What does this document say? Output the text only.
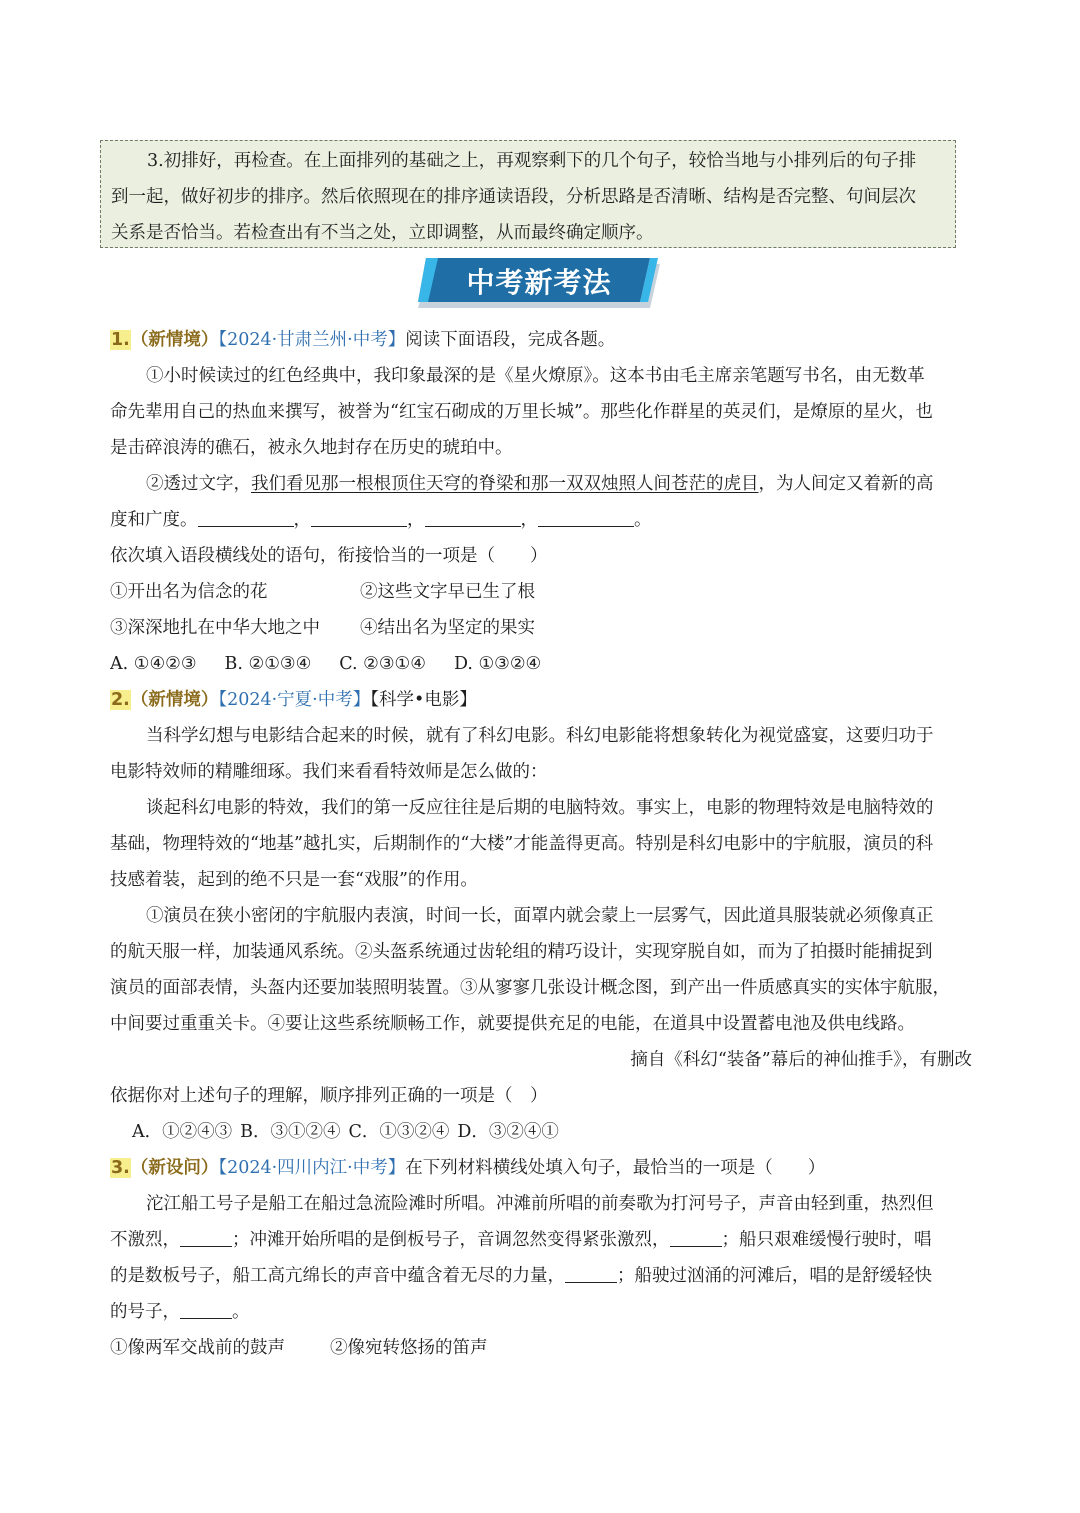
3.初排好，再检查。在上面排列的基础之上，再观察剩下的几个句子，较恰当地与小排列后的句子排
到一起，做好初步的排序。然后依照现在的排序通读语段，分析思路是否清晰、结构是否完整、句间层次
关系是否恰当。若检查出有不当之处，立即调整，从而最终确定顺序。
中考新考法
1.（新情境）【2024·甘肃兰州·中考】阅读下面语段，完成各题。
①小时候读过的红色经典中，我印象最深的是《星火燎原》。这本书由毛主席亲笔题写书名，由无数革
命先辈用自己的热血来撰写，被誉为“红宝石砌成的万里长城”。那些化作群星的英灵们，是燎原的星火，也
是击碎浪涛的礁石，被永久地封存在历史的琥珀中。
②透过文字，我们看见那一根根顶住天穹的脊梁和那一双双烛照人间苍茫的虎目，为人间定又着新的高
度和广度。	，	，	，	。
依次填入语段横线处的语句，衔接恰当的一项是（　　）
①开出名为信念的花	②这些文字早已生了根
③深深地扎在中华大地之中 ④结出名为坚定的果实
A. ①④②③ B. ②①③④ C. ②③①④ D. ①③②④
2.（新情境）【2024·宁夏·中考】【科学•电影】
当科学幻想与电影结合起来的时候，就有了科幻电影。科幻电影能将想象转化为视觉盛宴，这要归功于
电影特效师的精雕细琢。我们来看看特效师是怎么做的：
谈起科幻电影的特效，我们的第一反应往往是后期的电脑特效。事实上，电影的物理特效是电脑特效的
基础，物理特效的“地基”越扎实，后期制作的“大楼”才能盖得更高。特别是科幻电影中的宇航服，演员的科
技感着装，起到的绝不只是一套“戏服”的作用。
①演员在狭小密闭的宇航服内表演，时间一长，面罩内就会蒙上一层雾气，因此道具服装就必须像真正
的航天服一样，加装通风系统。②头盔系统通过齿轮组的精巧设计，实现穿脱自如，而为了拍摄时能捕捉到
演员的面部表情，头盔内还要加装照明装置。③从寥寥几张设计概念图，到产出一件质感真实的实体宇航服，
中间要过重重关卡。④要让这些系统顺畅工作，就要提供充足的电能，在道具中设置蓄电池及供电线路。
摘自《科幻“装备”幕后的神仙推手》，有删改
依据你对上述句子的理解，顺序排列正确的一项是（　）
A．①②④③ B．③①②④ C．①③②④ D．③②④①
3.（新设问）【2024·四川内江·中考】在下列材料横线处填入句子，最恰当的一项是（　　）
沱江船工号子是船工在船过急流险滩时所唱。冲滩前所唱的前奏歌为打河号子，声音由轻到重，热烈但
不激烈，	；冲滩开始所唱的是倒板号子，音调忽然变得紧张激烈，	；船只艰难缓慢行驶时，唱
的是数板号子，船工高亢绵长的声音中蕴含着无尽的力量，	；船驶过汹涌的河滩后，唱的是舒缓轻快
的号子，	。
①像两军交战前的鼓声	②像宛转悠扬的笛声
